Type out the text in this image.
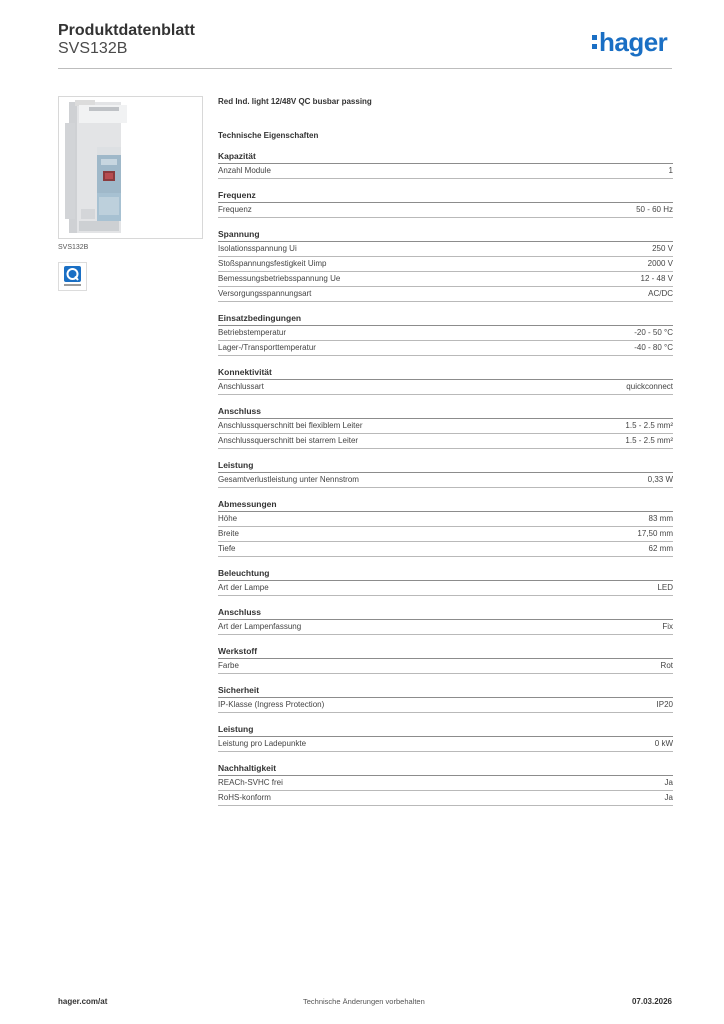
Produktdatenblatt
SVS132B	hager
SVS132B
Red Ind. light 12/48V QC busbar passing
Technische Eigenschaften
Kapazität
Anzahl Module	1
Frequenz
Frequenz	50 - 60 Hz
Spannung
Isolationsspannung Ui	250 V
Stoßspannungsfestigkeit Uimp	2000 V
Bemessungsbetriebsspannung Ue	12 - 48 V
Versorgungsspannungsart	AC/DC
Einsatzbedingungen
Betriebstemperatur	-20 - 50 °C
Lager-/Transporttemperatur	-40 - 80 °C
Konnektivität
Anschlussart	quickconnect
Anschluss
Anschlussquerschnitt bei flexiblem Leiter	1.5 - 2.5 mm²
Anschlussquerschnitt bei starrem Leiter	1.5 - 2.5 mm²
Leistung
Gesamtverlustleistung unter Nennstrom	0,33 W
Abmessungen
Höhe	83 mm
Breite	17,50 mm
Tiefe	62 mm
Beleuchtung
Art der Lampe	LED
Anschluss
Art der Lampenfassung	Fix
Werkstoff
Farbe	Rot
Sicherheit
IP-Klasse (Ingress Protection)	IP20
Leistung
Leistung pro Ladepunkte	0 kW
Nachhaltigkeit
REACh-SVHC frei	Ja
RoHS-konform	Ja
hager.com/at	Technische Änderungen vorbehalten	07.03.2026
